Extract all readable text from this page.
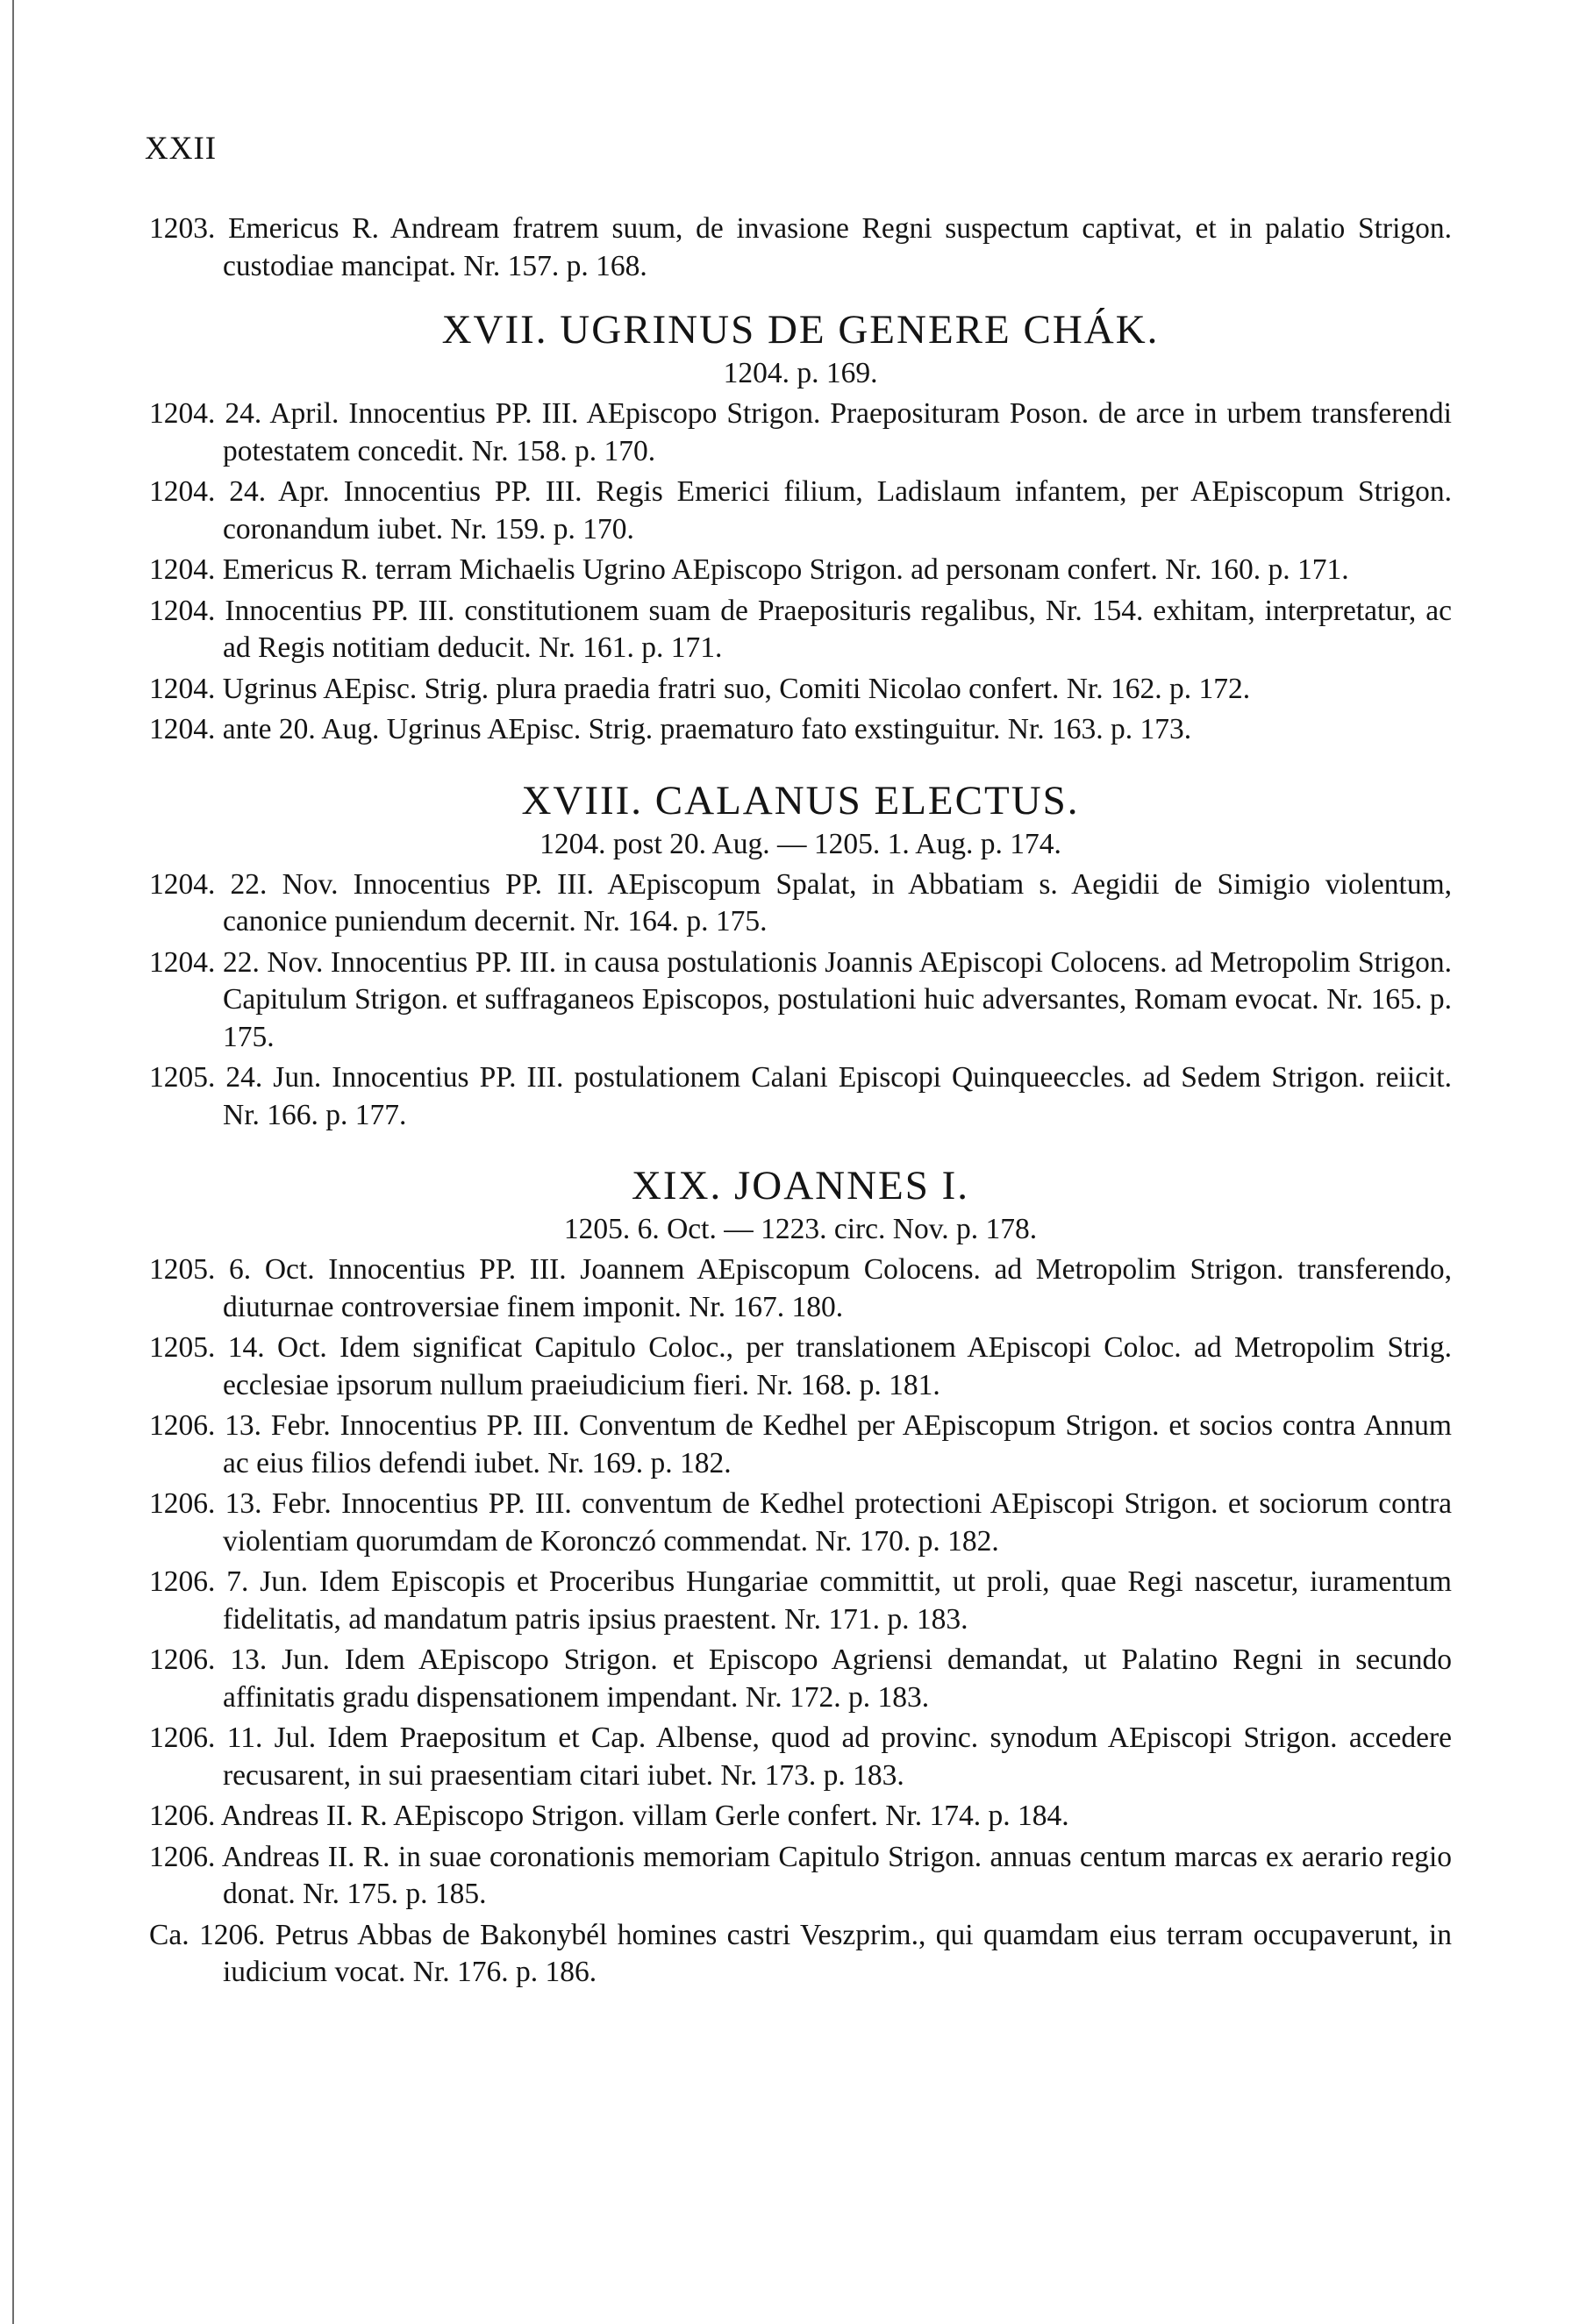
XXII
1203. Emericus R. Andream fratrem suum, de invasione Regni suspectum captivat, et in palatio Strigon. custodiae mancipat. Nr. 157. p. 168.
XVII. UGRINUS DE GENERE CHÁK.
1204. p. 169.
1204. 24. April. Innocentius PP. III. AEpiscopo Strigon. Praeposituram Poson. de arce in urbem transferendi potestatem concedit. Nr. 158. p. 170.
1204. 24. Apr. Innocentius PP. III. Regis Emerici filium, Ladislaum infantem, per AEpiscopum Strigon. coronandum iubet. Nr. 159. p. 170.
1204. Emericus R. terram Michaelis Ugrino AEpiscopo Strigon. ad personam confert. Nr. 160. p. 171.
1204. Innocentius PP. III. constitutionem suam de Praeposituris regalibus, Nr. 154. exhitam, interpretatur, ac ad Regis notitiam deducit. Nr. 161. p. 171.
1204. Ugrinus AEpisc. Strig. plura praedia fratri suo, Comiti Nicolao confert. Nr. 162. p. 172.
1204. ante 20. Aug. Ugrinus AEpisc. Strig. praematuro fato exstinguitur. Nr. 163. p. 173.
XVIII. CALANUS ELECTUS.
1204. post 20. Aug. — 1205. 1. Aug. p. 174.
1204. 22. Nov. Innocentius PP. III. AEpiscopum Spalat, in Abbatiam s. Aegidii de Simigio violentum, canonice puniendum decernit. Nr. 164. p. 175.
1204. 22. Nov. Innocentius PP. III. in causa postulationis Joannis AEpiscopi Colocens. ad Metropolim Strigon. Capitulum Strigon. et suffraganeos Episcopos, postulationi huic adversantes, Romam evocat. Nr. 165. p. 175.
1205. 24. Jun. Innocentius PP. III. postulationem Calani Episcopi Quinqueeccles. ad Sedem Strigon. reiicit. Nr. 166. p. 177.
XIX. JOANNES I.
1205. 6. Oct. — 1223. circ. Nov. p. 178.
1205. 6. Oct. Innocentius PP. III. Joannem AEpiscopum Colocens. ad Metropolim Strigon. transferendo, diuturnae controversiae finem imponit. Nr. 167. 180.
1205. 14. Oct. Idem significat Capitulo Coloc., per translationem AEpiscopi Coloc. ad Metropolim Strig. ecclesiae ipsorum nullum praeiudicium fieri. Nr. 168. p. 181.
1206. 13. Febr. Innocentius PP. III. Conventum de Kedhel per AEpiscopum Strigon. et socios contra Annum ac eius filios defendi iubet. Nr. 169. p. 182.
1206. 13. Febr. Innocentius PP. III. conventum de Kedhel protectioni AEpiscopi Strigon. et sociorum contra violentiam quorumdam de Koronczó commendat. Nr. 170. p. 182.
1206. 7. Jun. Idem Episcopis et Proceribus Hungariae committit, ut proli, quae Regi nascetur, iuramentum fidelitatis, ad mandatum patris ipsius praestent. Nr. 171. p. 183.
1206. 13. Jun. Idem AEpiscopo Strigon. et Episcopo Agriensi demandat, ut Palatino Regni in secundo affinitatis gradu dispensationem impendant. Nr. 172. p. 183.
1206. 11. Jul. Idem Praepositum et Cap. Albense, quod ad provinc. synodum AEpiscopi Strigon. accedere recusarent, in sui praesentiam citari iubet. Nr. 173. p. 183.
1206. Andreas II. R. AEpiscopo Strigon. villam Gerle confert. Nr. 174. p. 184.
1206. Andreas II. R. in suae coronationis memoriam Capitulo Strigon. annuas centum marcas ex aerario regio donat. Nr. 175. p. 185.
Ca. 1206. Petrus Abbas de Bakonybél homines castri Veszprim., qui quamdam eius terram occupaverunt, in iudicium vocat. Nr. 176. p. 186.
